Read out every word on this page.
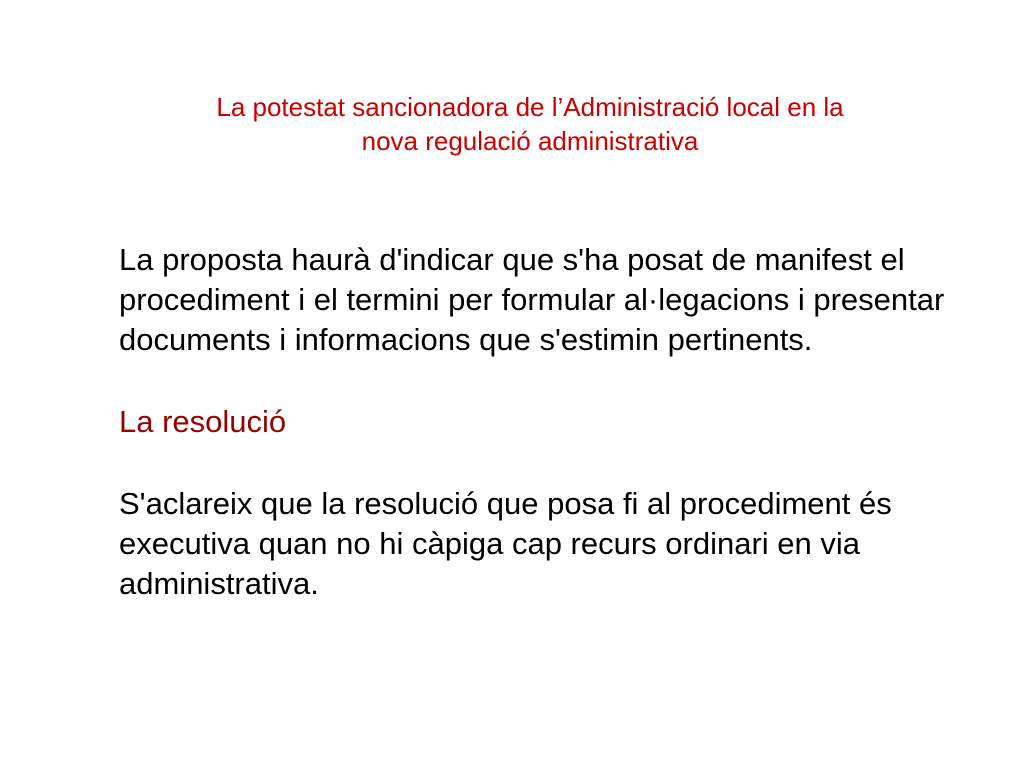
La potestat sancionadora de l’Administració local en la
nova regulació administrativa
La proposta haurà d'indicar que s'ha posat de manifest el
procediment i el termini per formular al·legacions i presentar
documents i informacions que s'estimin pertinents.
La resolució
S'aclareix que la resolució que posa fi al procediment és
executiva quan no hi càpiga cap recurs ordinari en via
administrativa.
